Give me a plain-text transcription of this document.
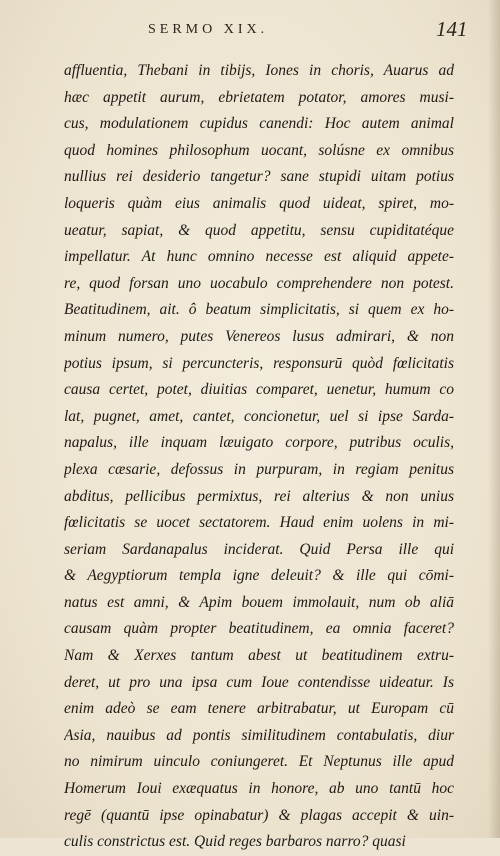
SERMO XIX.	141
affluentia, Thebani in tibijs, Iones in choris, Auarus ad
hæc appetit aurum, ebrietatem potator, amores musi-
cus, modulationem cupidus canendi: Hoc autem animal
quod homines philosophum uocant, solúsne ex omnibus
nullius rei desiderio tangetur? sane stupidi uitam potius
loqueris quàm eius animalis quod uideat, spiret, mo-
ueatur, sapiat, & quod appetitu, sensu cupiditatéque
impellatur. At hunc omnino necesse est aliquid appete-
re, quod forsan uno uocabulo comprehendere non potest.
Beatitudinem, ait. ô beatum simplicitatis, si quem ex ho-
minum numero, putes Venereos lusus admirari, & non
potius ipsum, si percuncteris, responsurū quòd fœlicitatis
causa certet, potet, diuitias comparet, uenetur, humum co
lat, pugnet, amet, cantet, concionetur, uel si ipse Sarda-
napalus, ille inquam læuigato corpore, putribus oculis,
plexa cæsarie, defossus in purpuram, in regiam penitus
abditus, pellicibus permixtus, rei alterius & non unius
fœlicitatis se uocet sectatorem. Haud enim uolens in mi-
seriam Sardanapalus inciderat. Quid Persa ille qui
& Aegyptiorum templa igne deleuit? & ille qui cōmi-
natus est amni, & Apim bouem immolauit, num ob aliā
causam quàm propter beatitudinem, ea omnia faceret?
Nam & Xerxes tantum abest ut beatitudinem extru-
deret, ut pro una ipsa cum Ioue contendisse uideatur. Is
enim adeò se eam tenere arbitrabatur, ut Europam cū
Asia, nauibus ad pontis similitudinem contabulatis, diur
no nimirum uinculo coniungeret. Et Neptunus ille apud
Homerum Ioui exæquatus in honore, ab uno tantū hoc
regē (quantū ipse opinabatur) & plagas accepit & uin-
culis constrictus est. Quid reges barbaros narro? quasi
